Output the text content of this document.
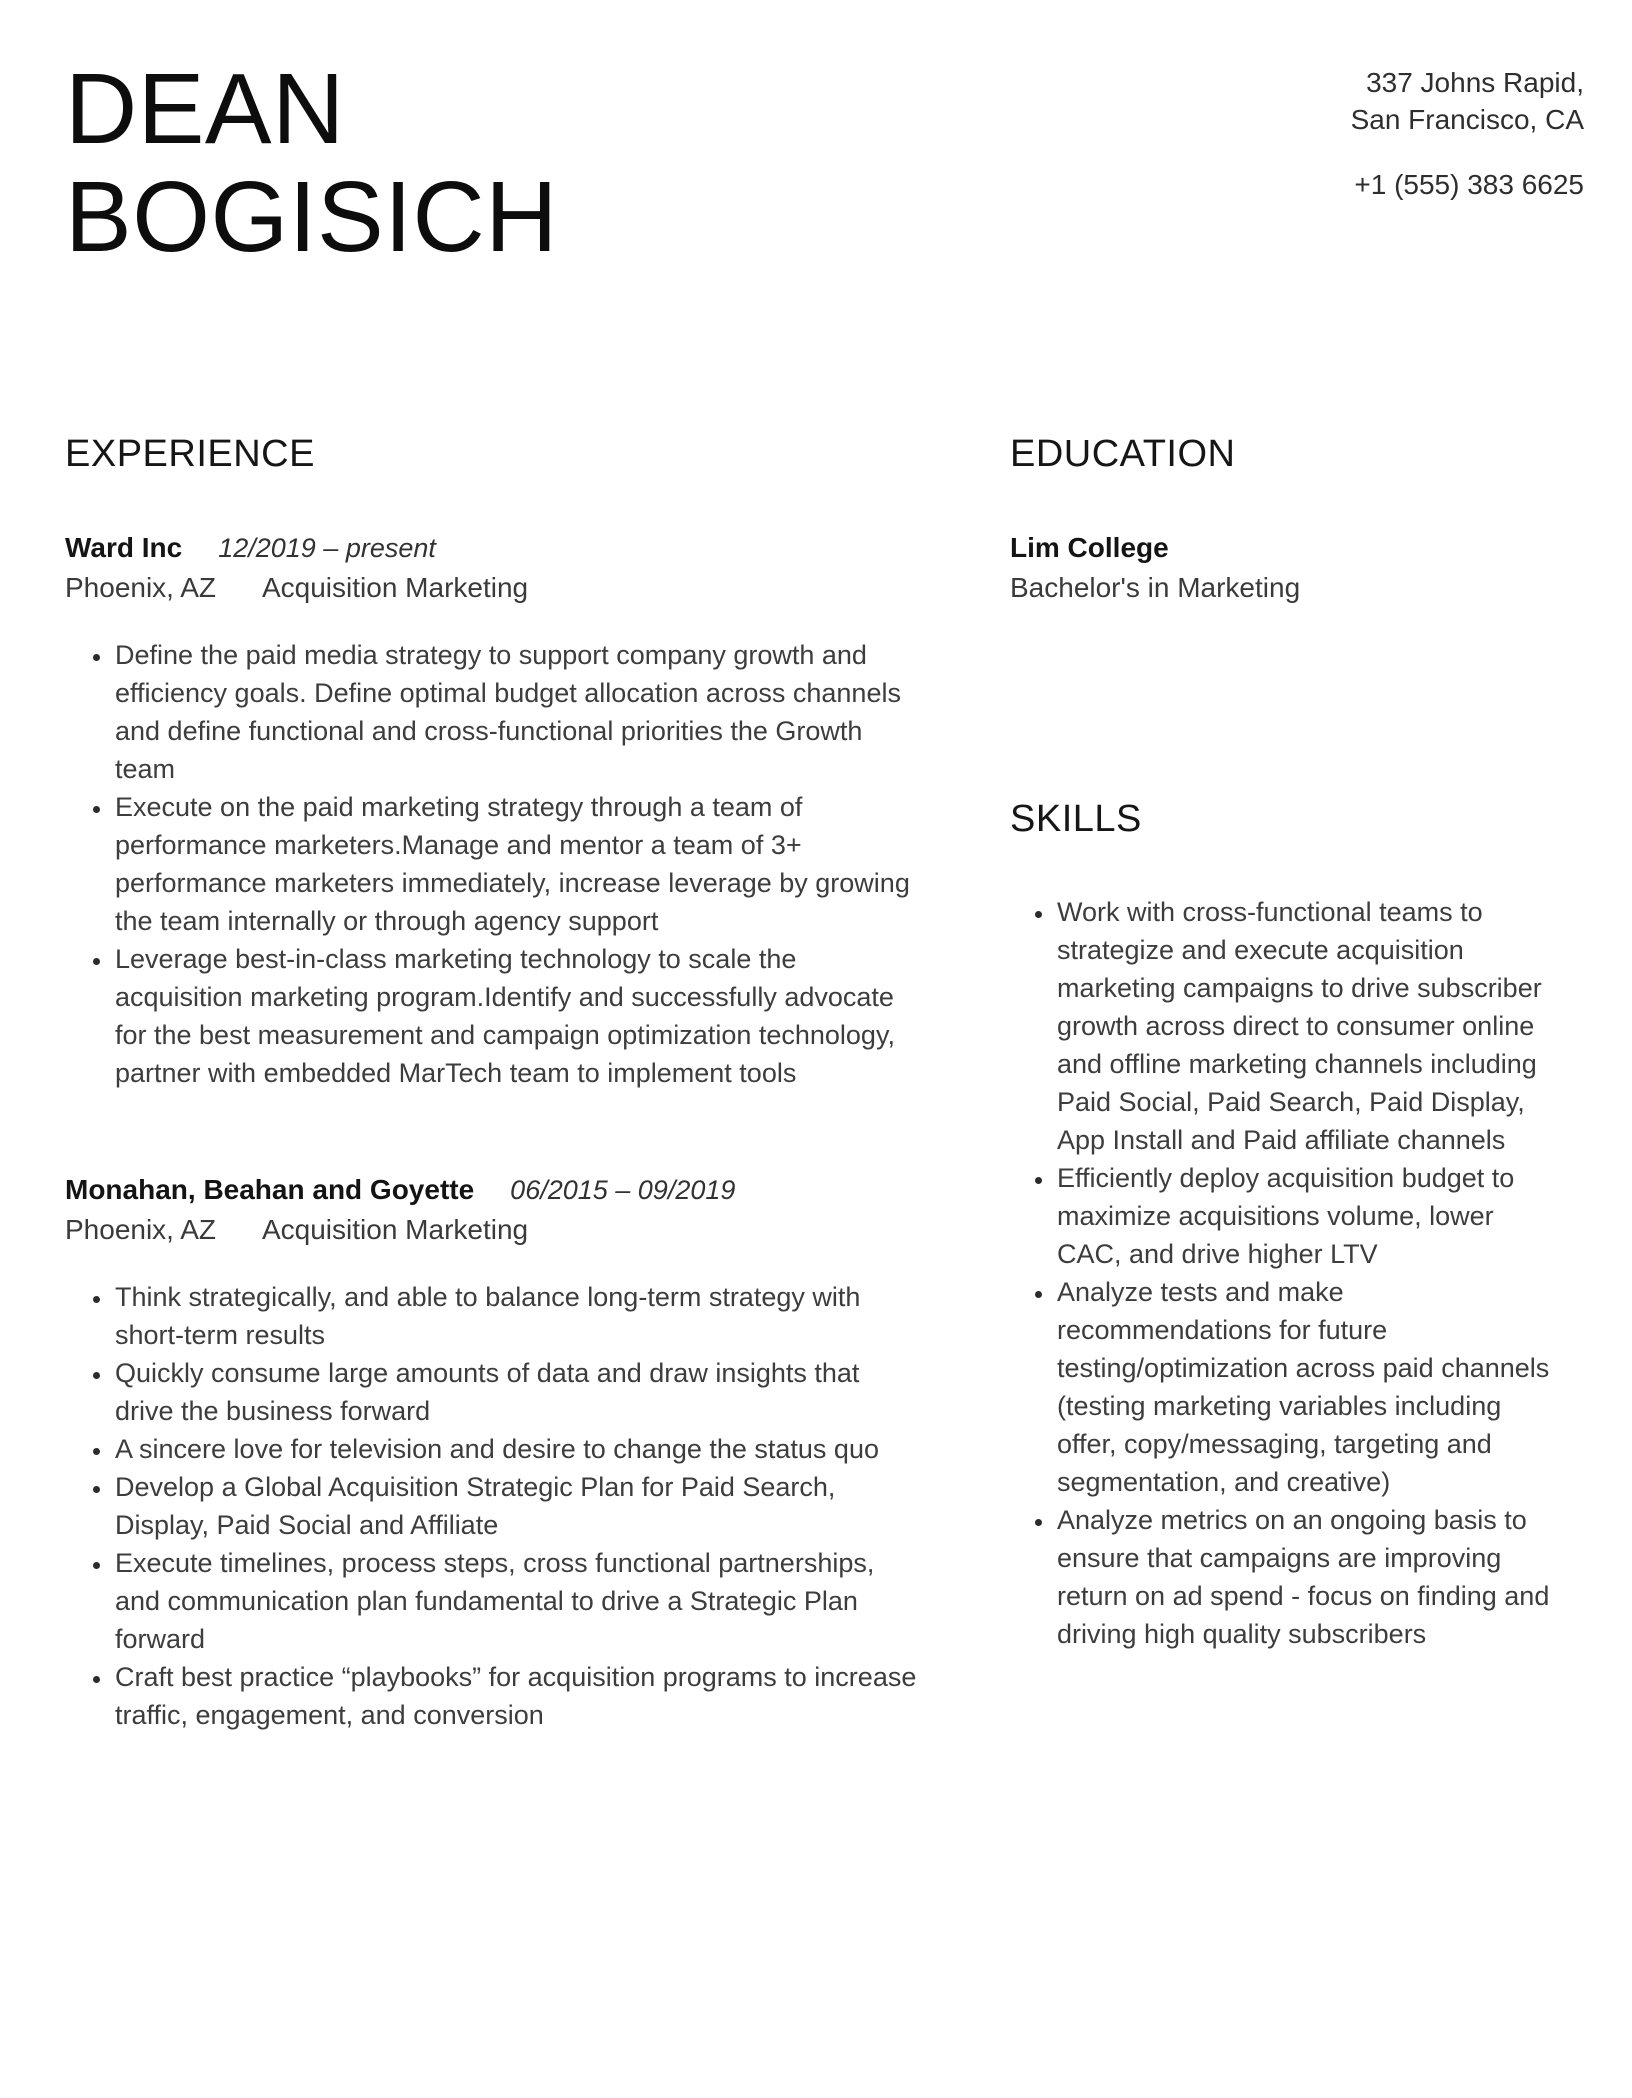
DEAN
BOGISICH
337 Johns Rapid,
San Francisco, CA
+1 (555) 383 6625
EXPERIENCE
Ward Inc 12/2019 – present
Phoenix, AZ Acquisition Marketing
• Define the paid media strategy to support company growth and efficiency goals. Define optimal budget allocation across channels and define functional and cross-functional priorities the Growth team
• Execute on the paid marketing strategy through a team of performance marketers.Manage and mentor a team of 3+ performance marketers immediately, increase leverage by growing the team internally or through agency support
• Leverage best-in-class marketing technology to scale the acquisition marketing program.Identify and successfully advocate for the best measurement and campaign optimization technology, partner with embedded MarTech team to implement tools
Monahan, Beahan and Goyette 06/2015 – 09/2019
Phoenix, AZ Acquisition Marketing
• Think strategically, and able to balance long-term strategy with short-term results
• Quickly consume large amounts of data and draw insights that drive the business forward
• A sincere love for television and desire to change the status quo
• Develop a Global Acquisition Strategic Plan for Paid Search, Display, Paid Social and Affiliate
• Execute timelines, process steps, cross functional partnerships, and communication plan fundamental to drive a Strategic Plan forward
• Craft best practice “playbooks” for acquisition programs to increase traffic, engagement, and conversion
EDUCATION
Lim College
Bachelor's in Marketing
SKILLS
• Work with cross-functional teams to strategize and execute acquisition marketing campaigns to drive subscriber growth across direct to consumer online and offline marketing channels including Paid Social, Paid Search, Paid Display, App Install and Paid affiliate channels
• Efficiently deploy acquisition budget to maximize acquisitions volume, lower CAC, and drive higher LTV
• Analyze tests and make recommendations for future testing/optimization across paid channels (testing marketing variables including offer, copy/messaging, targeting and segmentation, and creative)
• Analyze metrics on an ongoing basis to ensure that campaigns are improving return on ad spend - focus on finding and driving high quality subscribers
